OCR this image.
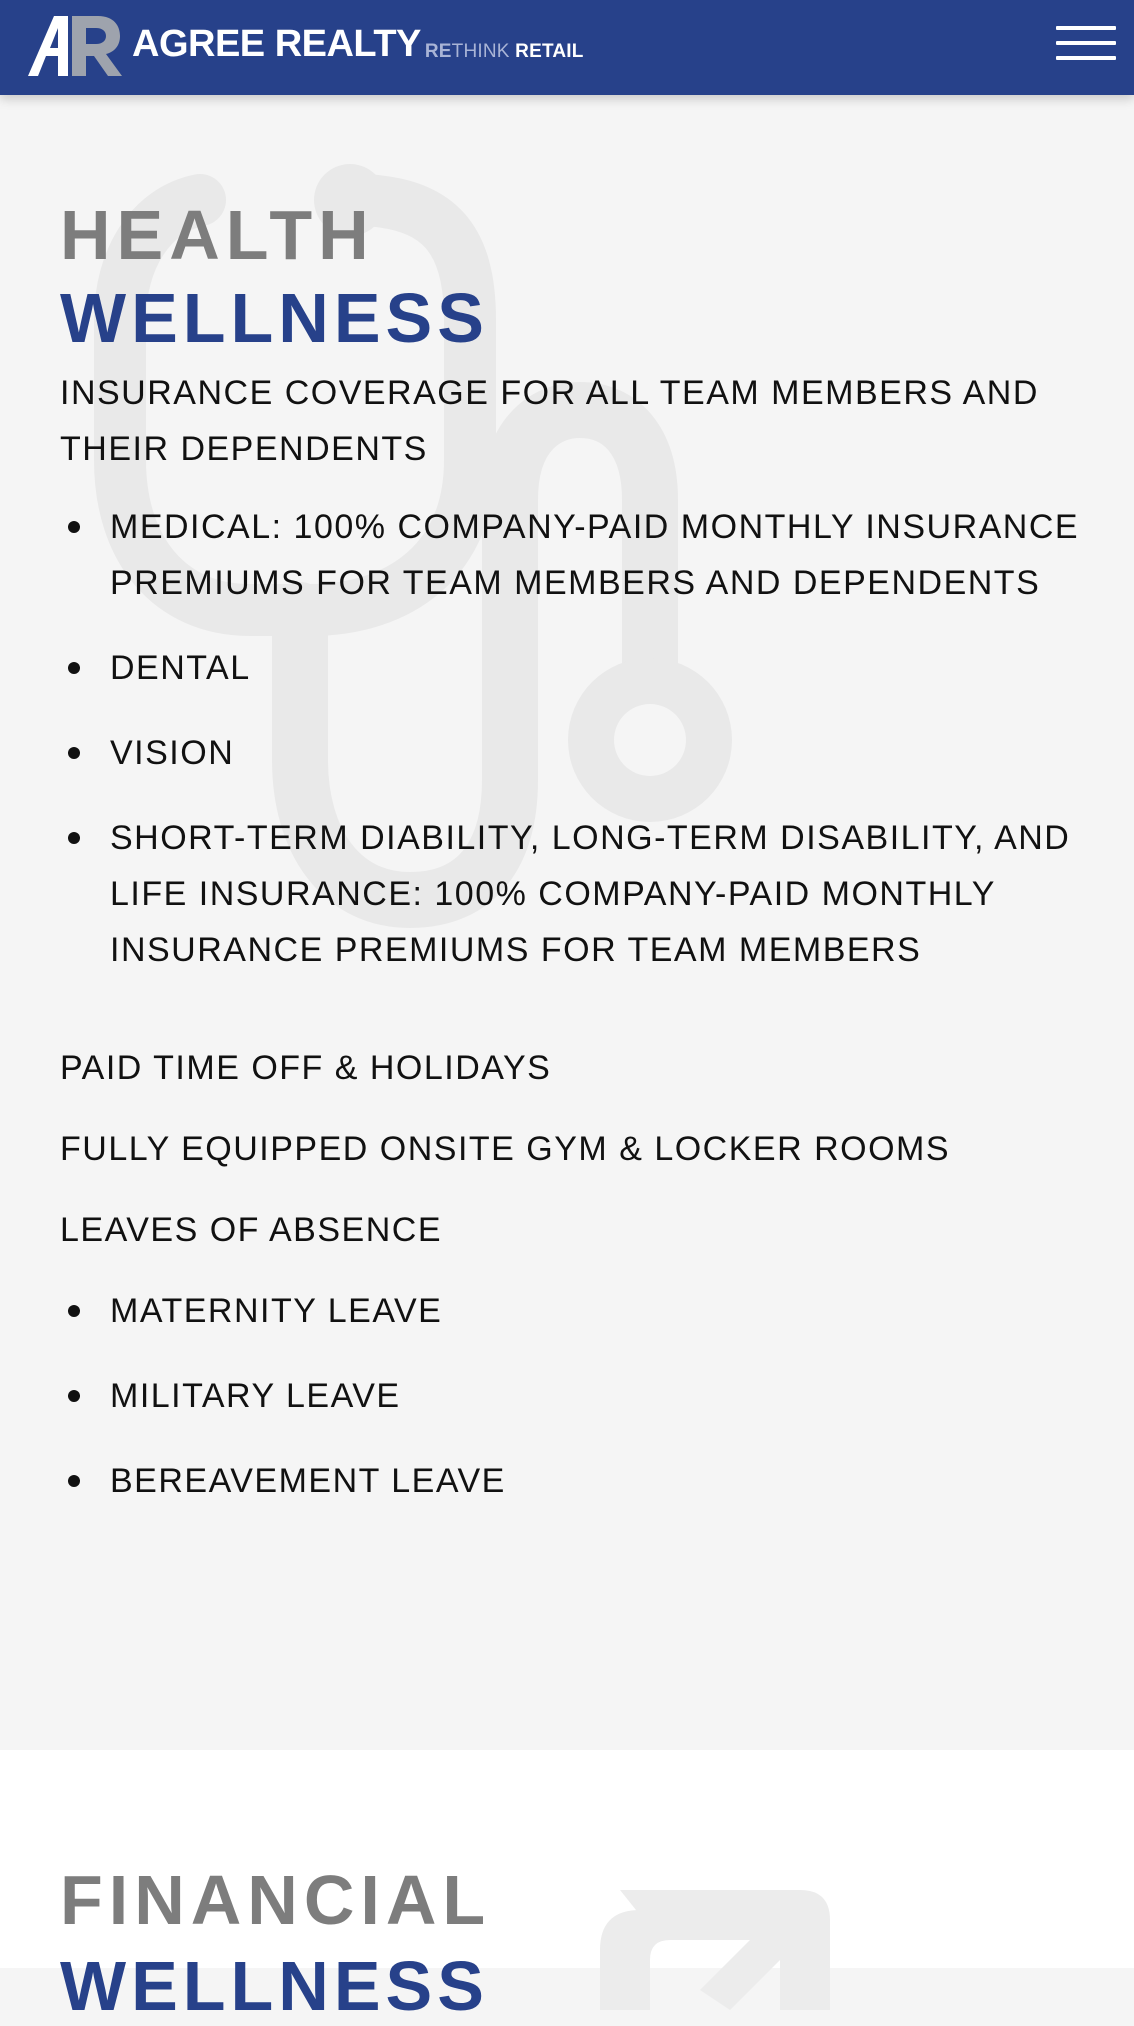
AGREE REALTY RETHINK RETAIL
HEALTH
WELLNESS

INSURANCE COVERAGE FOR ALL TEAM MEMBERS AND THEIR DEPENDENTS

MEDICAL: 100% COMPANY-PAID MONTHLY INSURANCE PREMIUMS FOR TEAM MEMBERS AND DEPENDENTS
DENTAL
VISION
SHORT-TERM DIABILITY, LONG-TERM DISABILITY, AND LIFE INSURANCE: 100% COMPANY-PAID MONTHLY INSURANCE PREMIUMS FOR TEAM MEMBERS

PAID TIME OFF & HOLIDAYS

FULLY EQUIPPED ONSITE GYM & LOCKER ROOMS

LEAVES OF ABSENCE

MATERNITY LEAVE
MILITARY LEAVE
BEREAVEMENT LEAVE
FINANCIAL
WELLNESS
